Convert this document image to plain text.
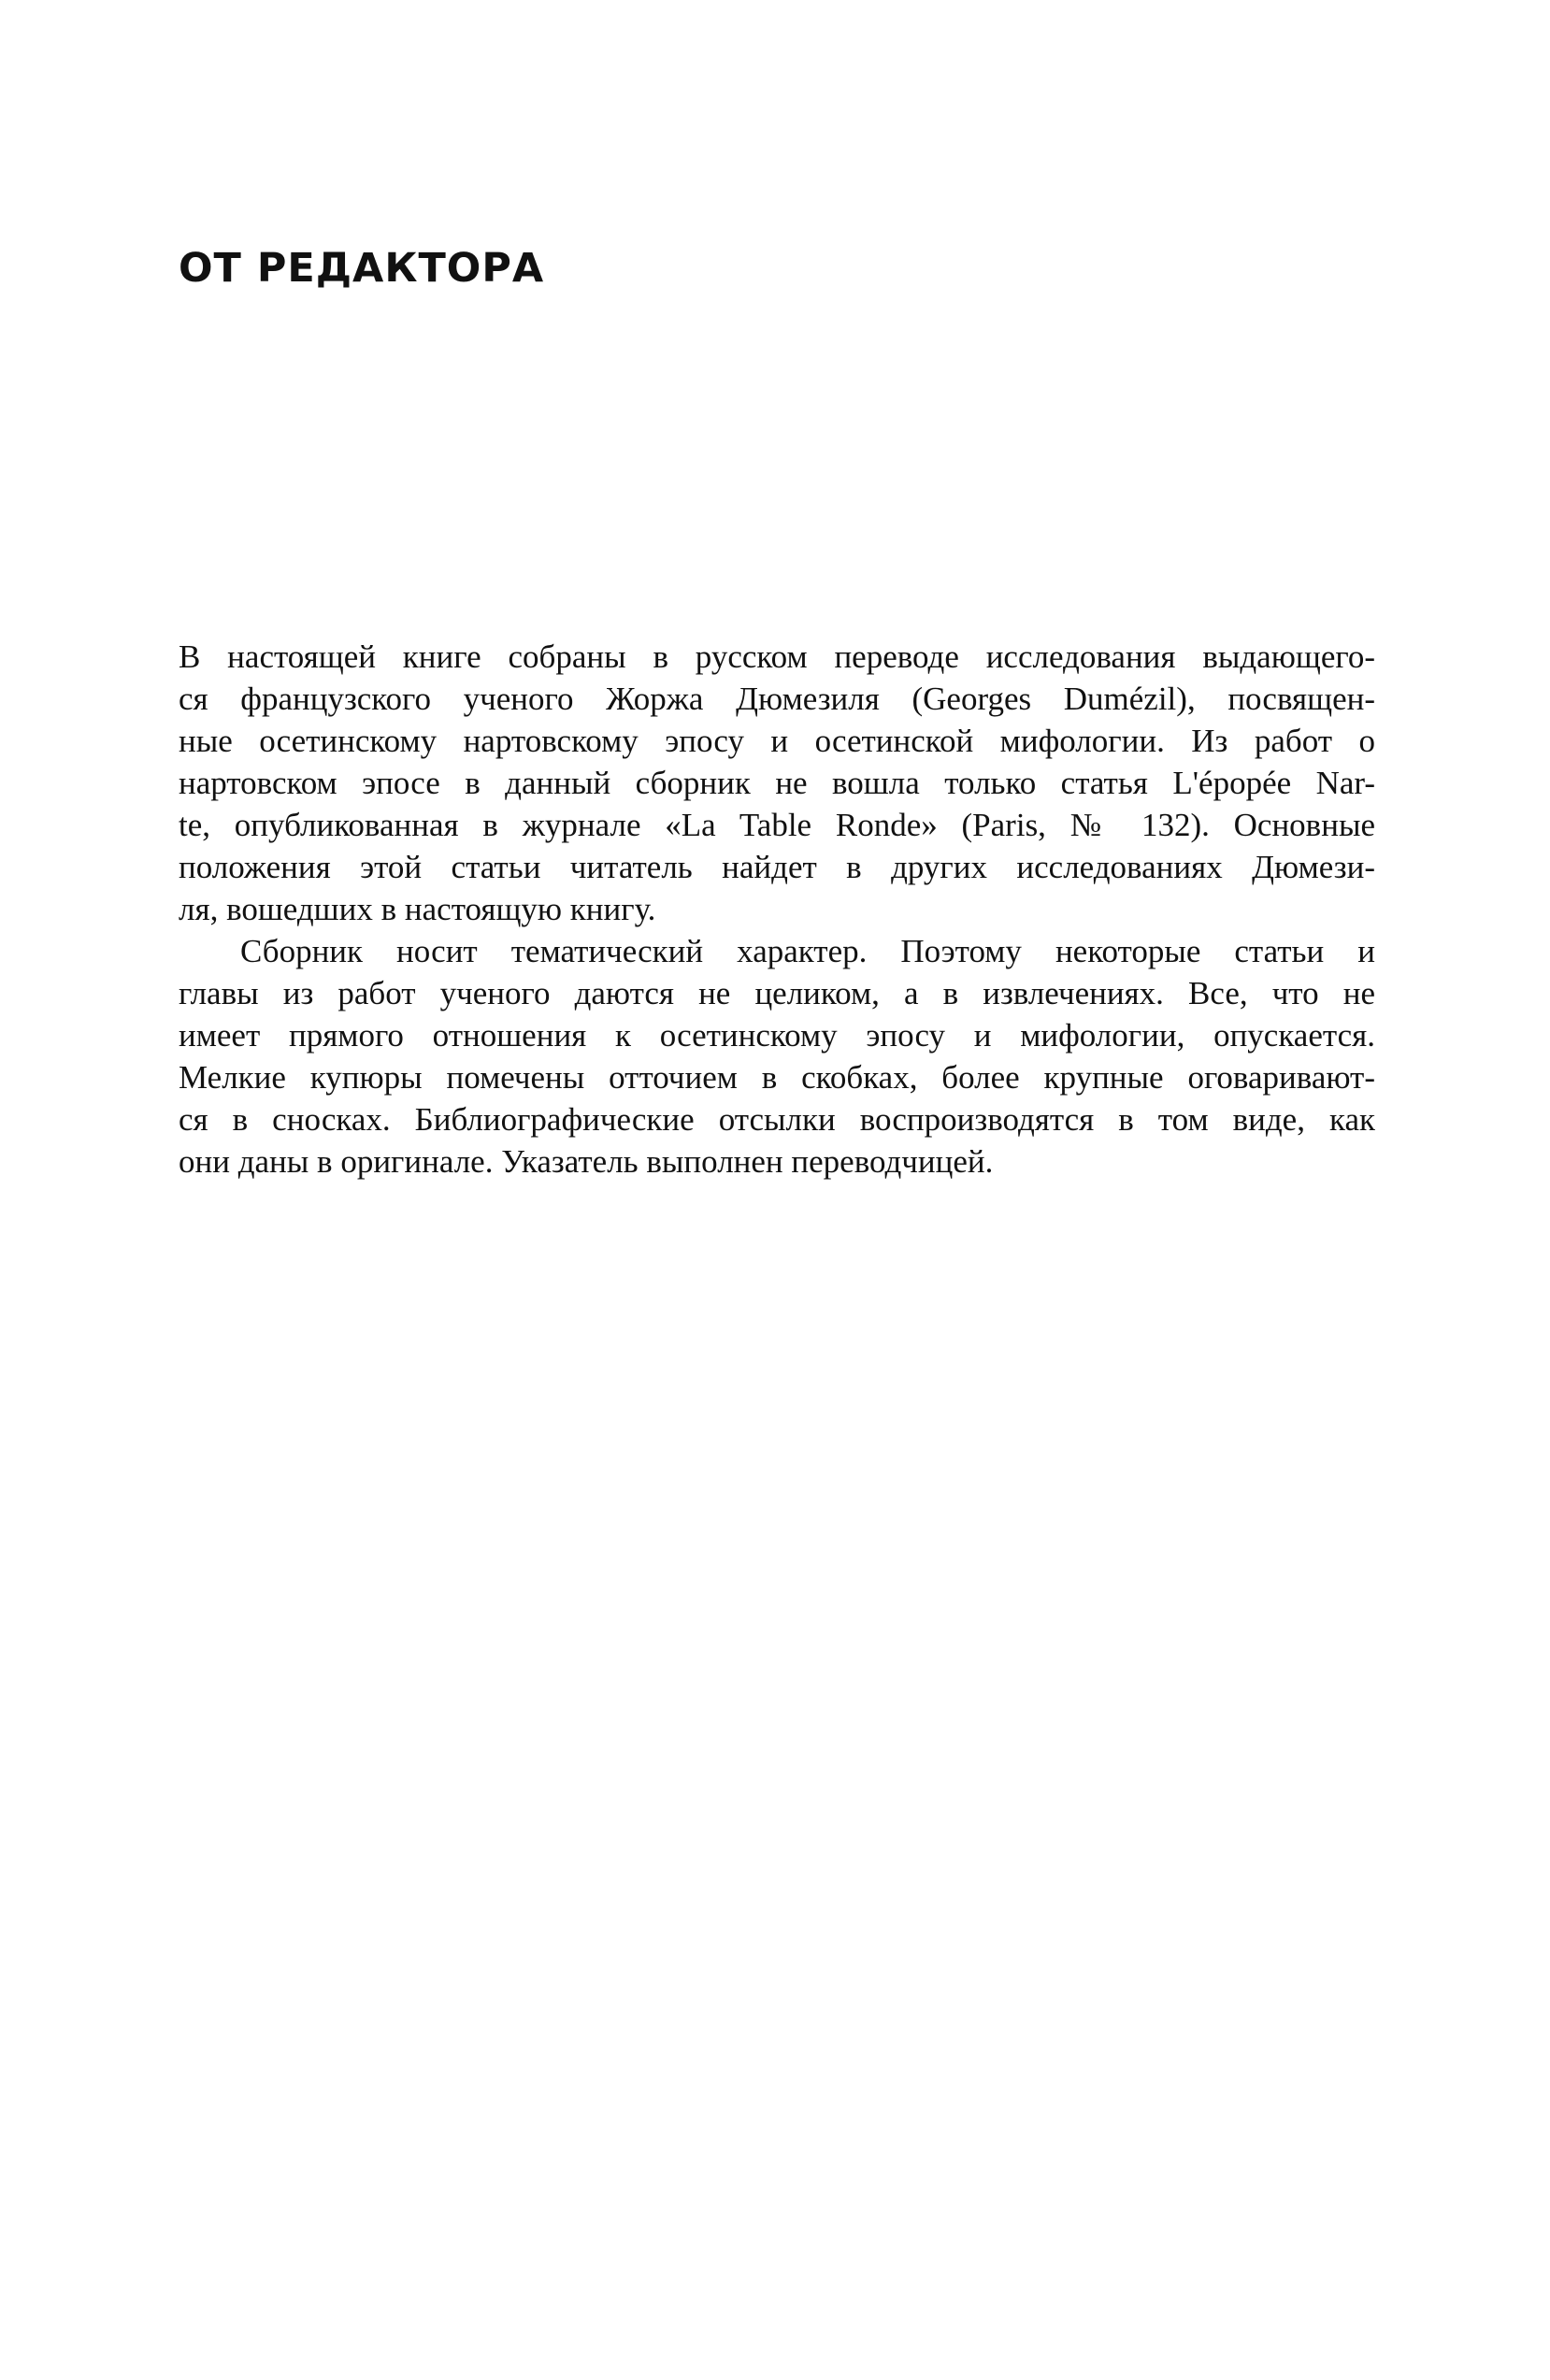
ОТ РЕДАКТОРА

В настоящей книге собраны в русском переводе исследования выдающего-
ся французского ученого Жоржа Дюмезиля (Georges Dumézil), посвящен-
ные осетинскому нартовскому эпосу и осетинской мифологии. Из работ о
нартовском эпосе в данный сборник не вошла только статья L'épopée Nar-
te, опубликованная в журнале «La Table Ronde» (Paris, № 132). Основные
положения этой статьи читатель найдет в других исследованиях Дюмези-
ля, вошедших в настоящую книгу.

Сборник носит тематический характер. Поэтому некоторые статьи и
главы из работ ученого даются не целиком, а в извлечениях. Все, что не
имеет прямого отношения к осетинскому эпосу и мифологии, опускается.
Мелкие купюры помечены отточием в скобках, более крупные оговаривают-
ся в сносках. Библиографические отсылки воспроизводятся в том виде, как
они даны в оригинале. Указатель выполнен переводчицей.
